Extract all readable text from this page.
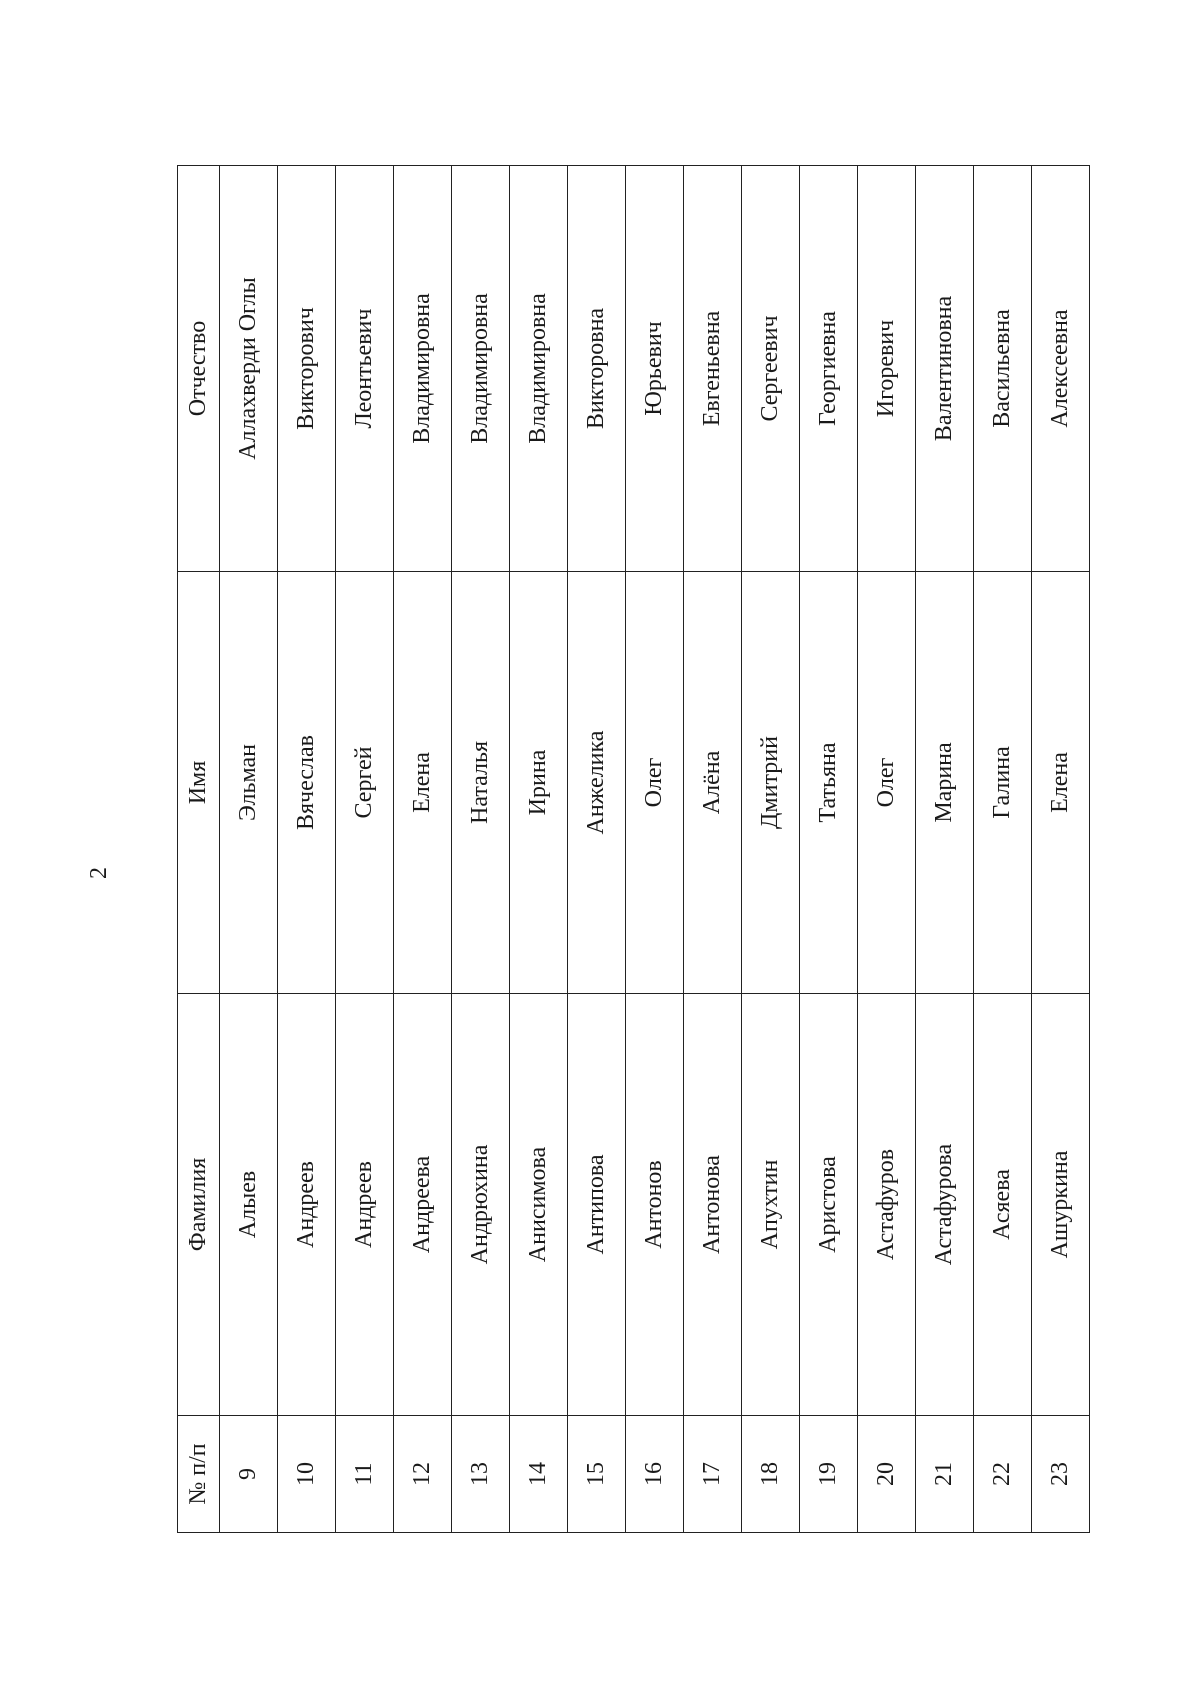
2
№ п/п	Фамилия	Имя	Отчество
9	Алыев	Эльман	Аллахверди Оглы
10	Андреев	Вячеслав	Викторович
11	Андреев	Сергей	Леонтьевич
12	Андреева	Елена	Владимировна
13	Андрюхина	Наталья	Владимировна
14	Анисимова	Ирина	Владимировна
15	Антипова	Анжелика	Викторовна
16	Антонов	Олег	Юрьевич
17	Антонова	Алёна	Евгеньевна
18	Апухтин	Дмитрий	Сергеевич
19	Аристова	Татьяна	Георгиевна
20	Астафуров	Олег	Игоревич
21	Астафурова	Марина	Валентиновна
22	Асяева	Галина	Васильевна
23	Ашуркина	Елена	Алексеевна
